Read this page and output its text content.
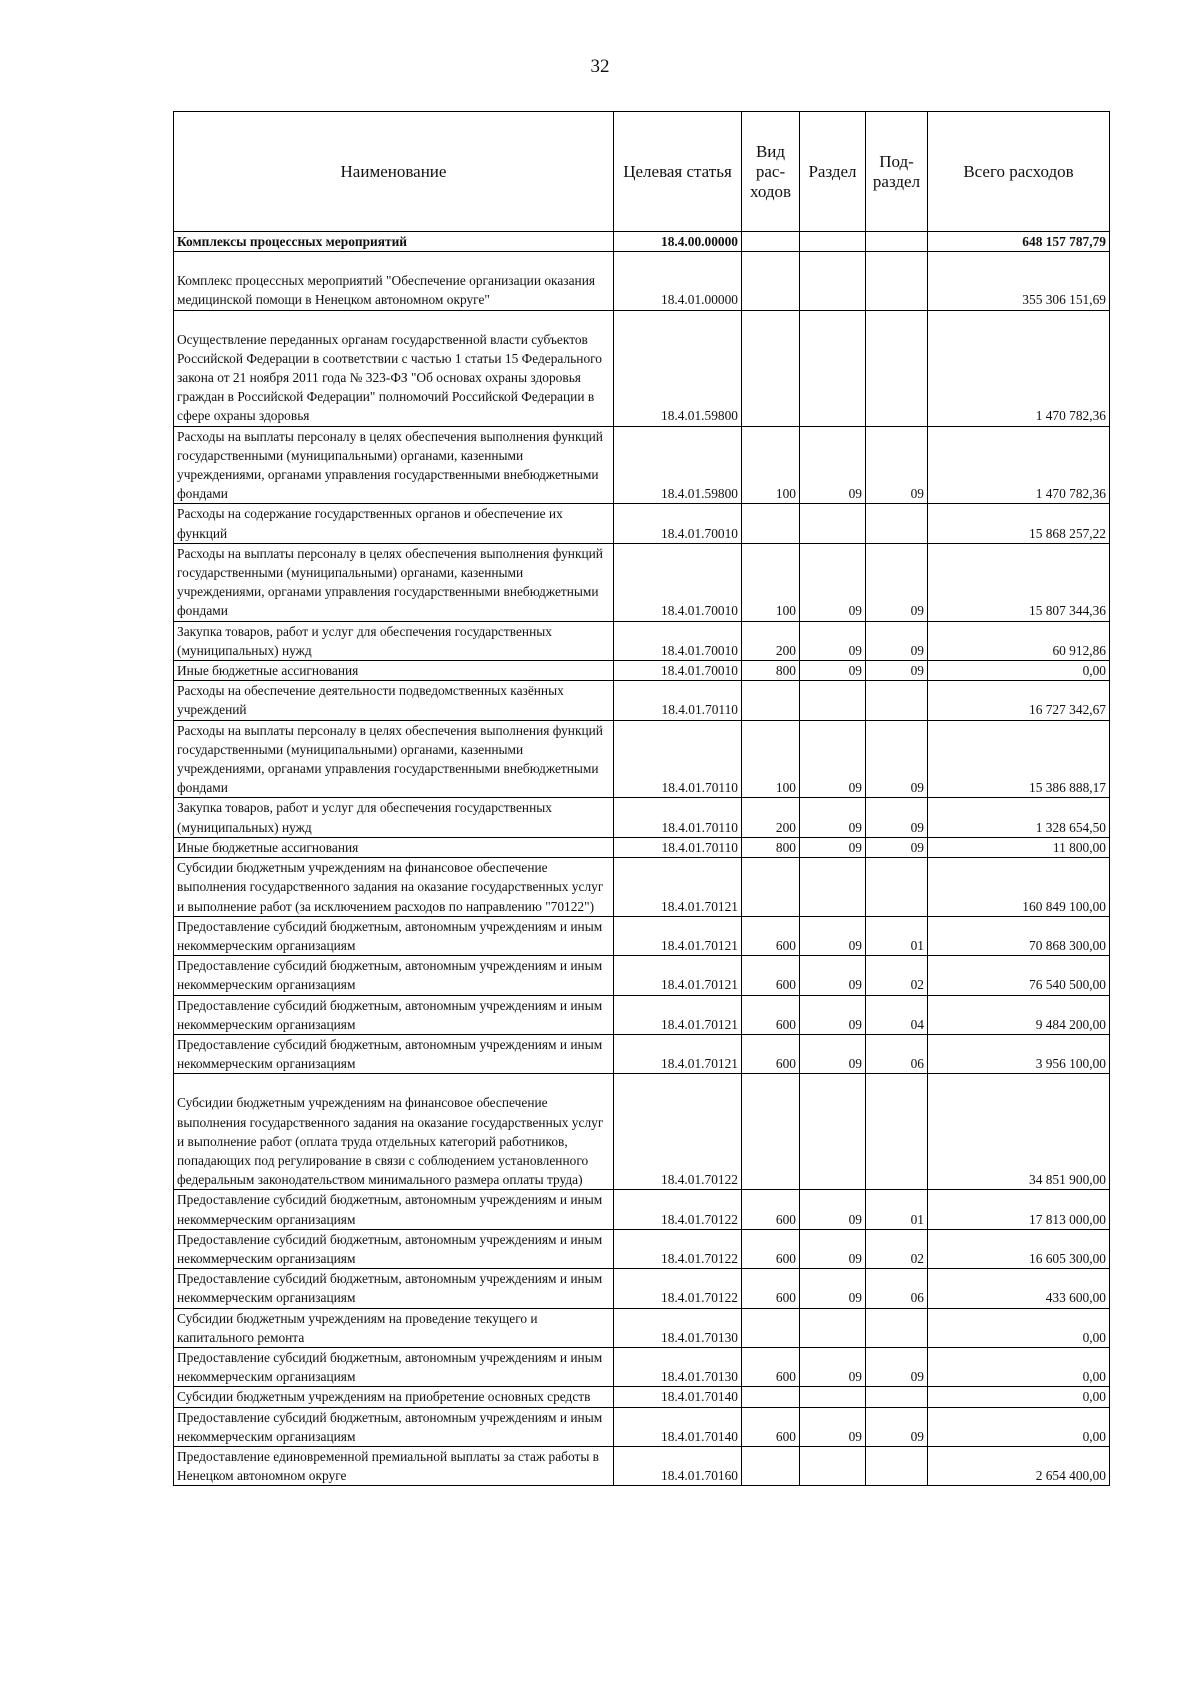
32
Наименование	Целевая статья	Вид рас-ходов	Раздел	Под-раздел	Всего расходов
Комплексы процессных мероприятий	18.4.00.00000				648 157 787,79
Комплекс процессных мероприятий "Обеспечение организации оказания медицинской помощи в Ненецком автономном округе"	18.4.01.00000				355 306 151,69
Осуществление переданных органам государственной власти субъектов Российской Федерации в соответствии с частью 1 статьи 15 Федерального закона от 21 ноября 2011 года № 323-ФЗ "Об основах охраны здоровья граждан в Российской Федерации" полномочий Российской Федерации в сфере охраны здоровья	18.4.01.59800				1 470 782,36
Расходы на выплаты персоналу в целях обеспечения выполнения функций государственными (муниципальными) органами, казенными учреждениями, органами управления государственными внебюджетными фондами	18.4.01.59800	100	09	09	1 470 782,36
Расходы на содержание государственных органов и обеспечение их функций	18.4.01.70010				15 868 257,22
Расходы на выплаты персоналу в целях обеспечения выполнения функций государственными (муниципальными) органами, казенными учреждениями, органами управления государственными внебюджетными фондами	18.4.01.70010	100	09	09	15 807 344,36
Закупка товаров, работ и услуг для обеспечения государственных (муниципальных) нужд	18.4.01.70010	200	09	09	60 912,86
Иные бюджетные ассигнования	18.4.01.70010	800	09	09	0,00
Расходы на обеспечение деятельности подведомственных казённых учреждений	18.4.01.70110				16 727 342,67
Расходы на выплаты персоналу в целях обеспечения выполнения функций государственными (муниципальными) органами, казенными учреждениями, органами управления государственными внебюджетными фондами	18.4.01.70110	100	09	09	15 386 888,17
Закупка товаров, работ и услуг для обеспечения государственных (муниципальных) нужд	18.4.01.70110	200	09	09	1 328 654,50
Иные бюджетные ассигнования	18.4.01.70110	800	09	09	11 800,00
Субсидии бюджетным учреждениям на финансовое обеспечение выполнения государственного задания на оказание государственных услуг и выполнение работ (за исключением расходов по направлению "70122")	18.4.01.70121				160 849 100,00
Предоставление субсидий бюджетным, автономным учреждениям и иным некоммерческим организациям	18.4.01.70121	600	09	01	70 868 300,00
Предоставление субсидий бюджетным, автономным учреждениям и иным некоммерческим организациям	18.4.01.70121	600	09	02	76 540 500,00
Предоставление субсидий бюджетным, автономным учреждениям и иным некоммерческим организациям	18.4.01.70121	600	09	04	9 484 200,00
Предоставление субсидий бюджетным, автономным учреждениям и иным некоммерческим организациям	18.4.01.70121	600	09	06	3 956 100,00
Субсидии бюджетным учреждениям на финансовое обеспечение выполнения государственного задания на оказание государственных услуг и выполнение работ (оплата труда отдельных категорий работников, попадающих под регулирование в связи с соблюдением установленного федеральным законодательством минимального размера оплаты труда)	18.4.01.70122				34 851 900,00
Предоставление субсидий бюджетным, автономным учреждениям и иным некоммерческим организациям	18.4.01.70122	600	09	01	17 813 000,00
Предоставление субсидий бюджетным, автономным учреждениям и иным некоммерческим организациям	18.4.01.70122	600	09	02	16 605 300,00
Предоставление субсидий бюджетным, автономным учреждениям и иным некоммерческим организациям	18.4.01.70122	600	09	06	433 600,00
Субсидии бюджетным учреждениям на проведение текущего и капитального ремонта	18.4.01.70130				0,00
Предоставление субсидий бюджетным, автономным учреждениям и иным некоммерческим организациям	18.4.01.70130	600	09	09	0,00
Субсидии бюджетным учреждениям на приобретение основных средств	18.4.01.70140				0,00
Предоставление субсидий бюджетным, автономным учреждениям и иным некоммерческим организациям	18.4.01.70140	600	09	09	0,00
Предоставление единовременной премиальной выплаты за стаж работы в Ненецком автономном округе	18.4.01.70160				2 654 400,00
